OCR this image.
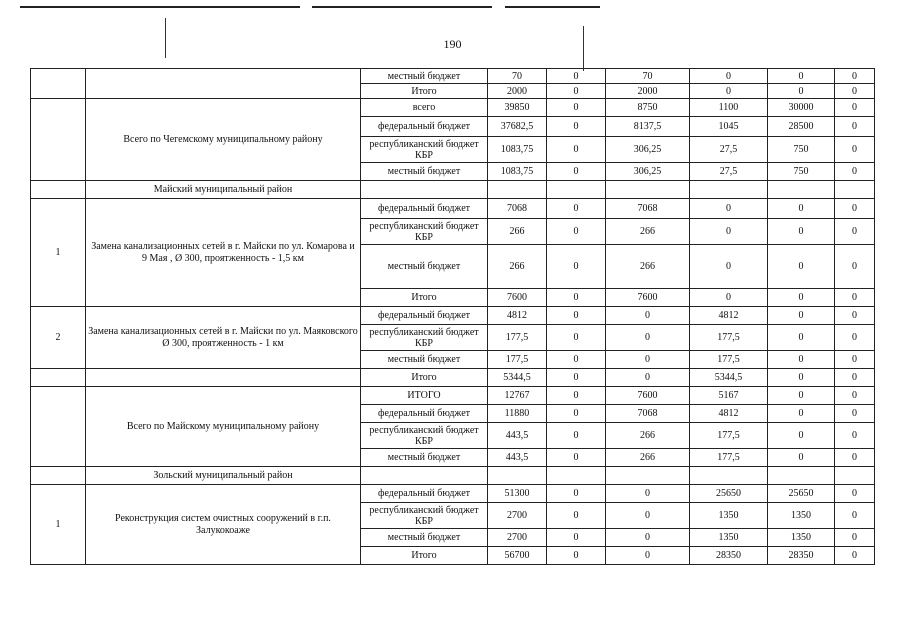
190
		местный бюджет	70	0	70	0	0	0
		Итого	2000	0	2000	0	0	0
	Всего по Чегемскому муниципальному району	всего	39850	0	8750	1100	30000	0
		федеральный бюджет	37682,5	0	8137,5	1045	28500	0
		республиканский бюджет КБР	1083,75	0	306,25	27,5	750	0
		местный бюджет	1083,75	0	306,25	27,5	750	0
	Майский муниципальный район							
1	Замена канализационных сетей в г. Майски по ул. Комарова и 9 Мая , Ø 300, проятженность - 1,5 км	федеральный бюджет	7068	0	7068	0	0	0
		республиканский бюджет КБР	266	0	266	0	0	0
		местный бюджет	266	0	266	0	0	0
		Итого	7600	0	7600	0	0	0
2	Замена канализационных сетей в г. Майски по ул. Маяковского Ø 300, проятженность - 1 км	федеральный бюджет	4812	0	0	4812	0	0
		республиканский бюджет КБР	177,5	0	0	177,5	0	0
		местный бюджет	177,5	0	0	177,5	0	0
		Итого	5344,5	0	0	5344,5	0	0
	Всего по Майскому муниципальному району	ИТОГО	12767	0	7600	5167	0	0
		федеральный бюджет	11880	0	7068	4812	0	0
		республиканский бюджет КБР	443,5	0	266	177,5	0	0
		местный бюджет	443,5	0	266	177,5	0	0
	Зольский муниципальный район							
1	Реконструкция систем очистных сооружений в г.п. Залукокоаже	федеральный бюджет	51300	0	0	25650	25650	0
		республиканский бюджет КБР	2700	0	0	1350	1350	0
		местный бюджет	2700	0	0	1350	1350	0
		Итого	56700	0	0	28350	28350	0
